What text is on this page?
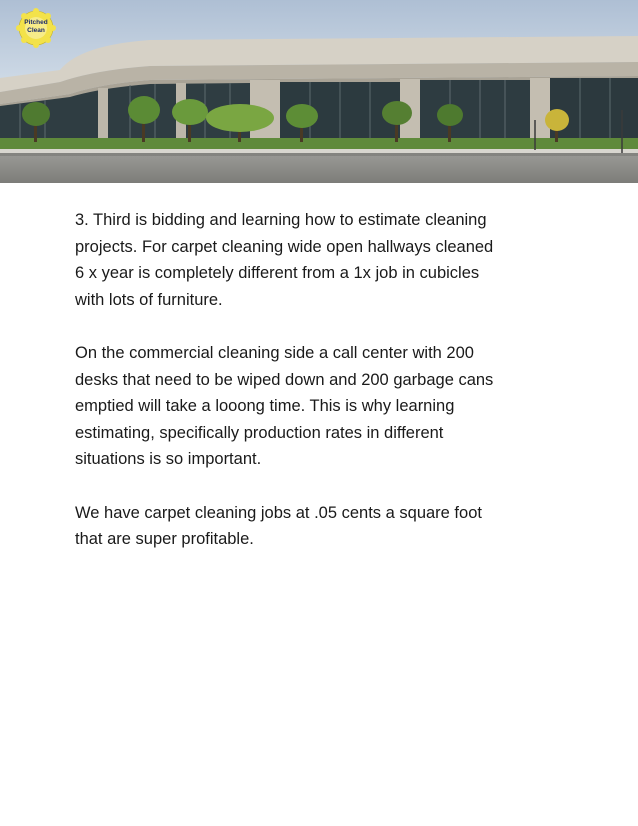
Pitched
Clean

3. Third is bidding and learning how to estimate cleaning
projects. For carpet cleaning wide open hallways cleaned
6 x year is completely different from a 1x job in cubicles
with lots of furniture.

On the commercial cleaning side a call center with 200
desks that need to be wiped down and 200 garbage cans
emptied will take a looong time. This is why learning
estimating, specifically production rates in different
situations is so important.

We have carpet cleaning jobs at .05 cents a square foot
that are super profitable.
